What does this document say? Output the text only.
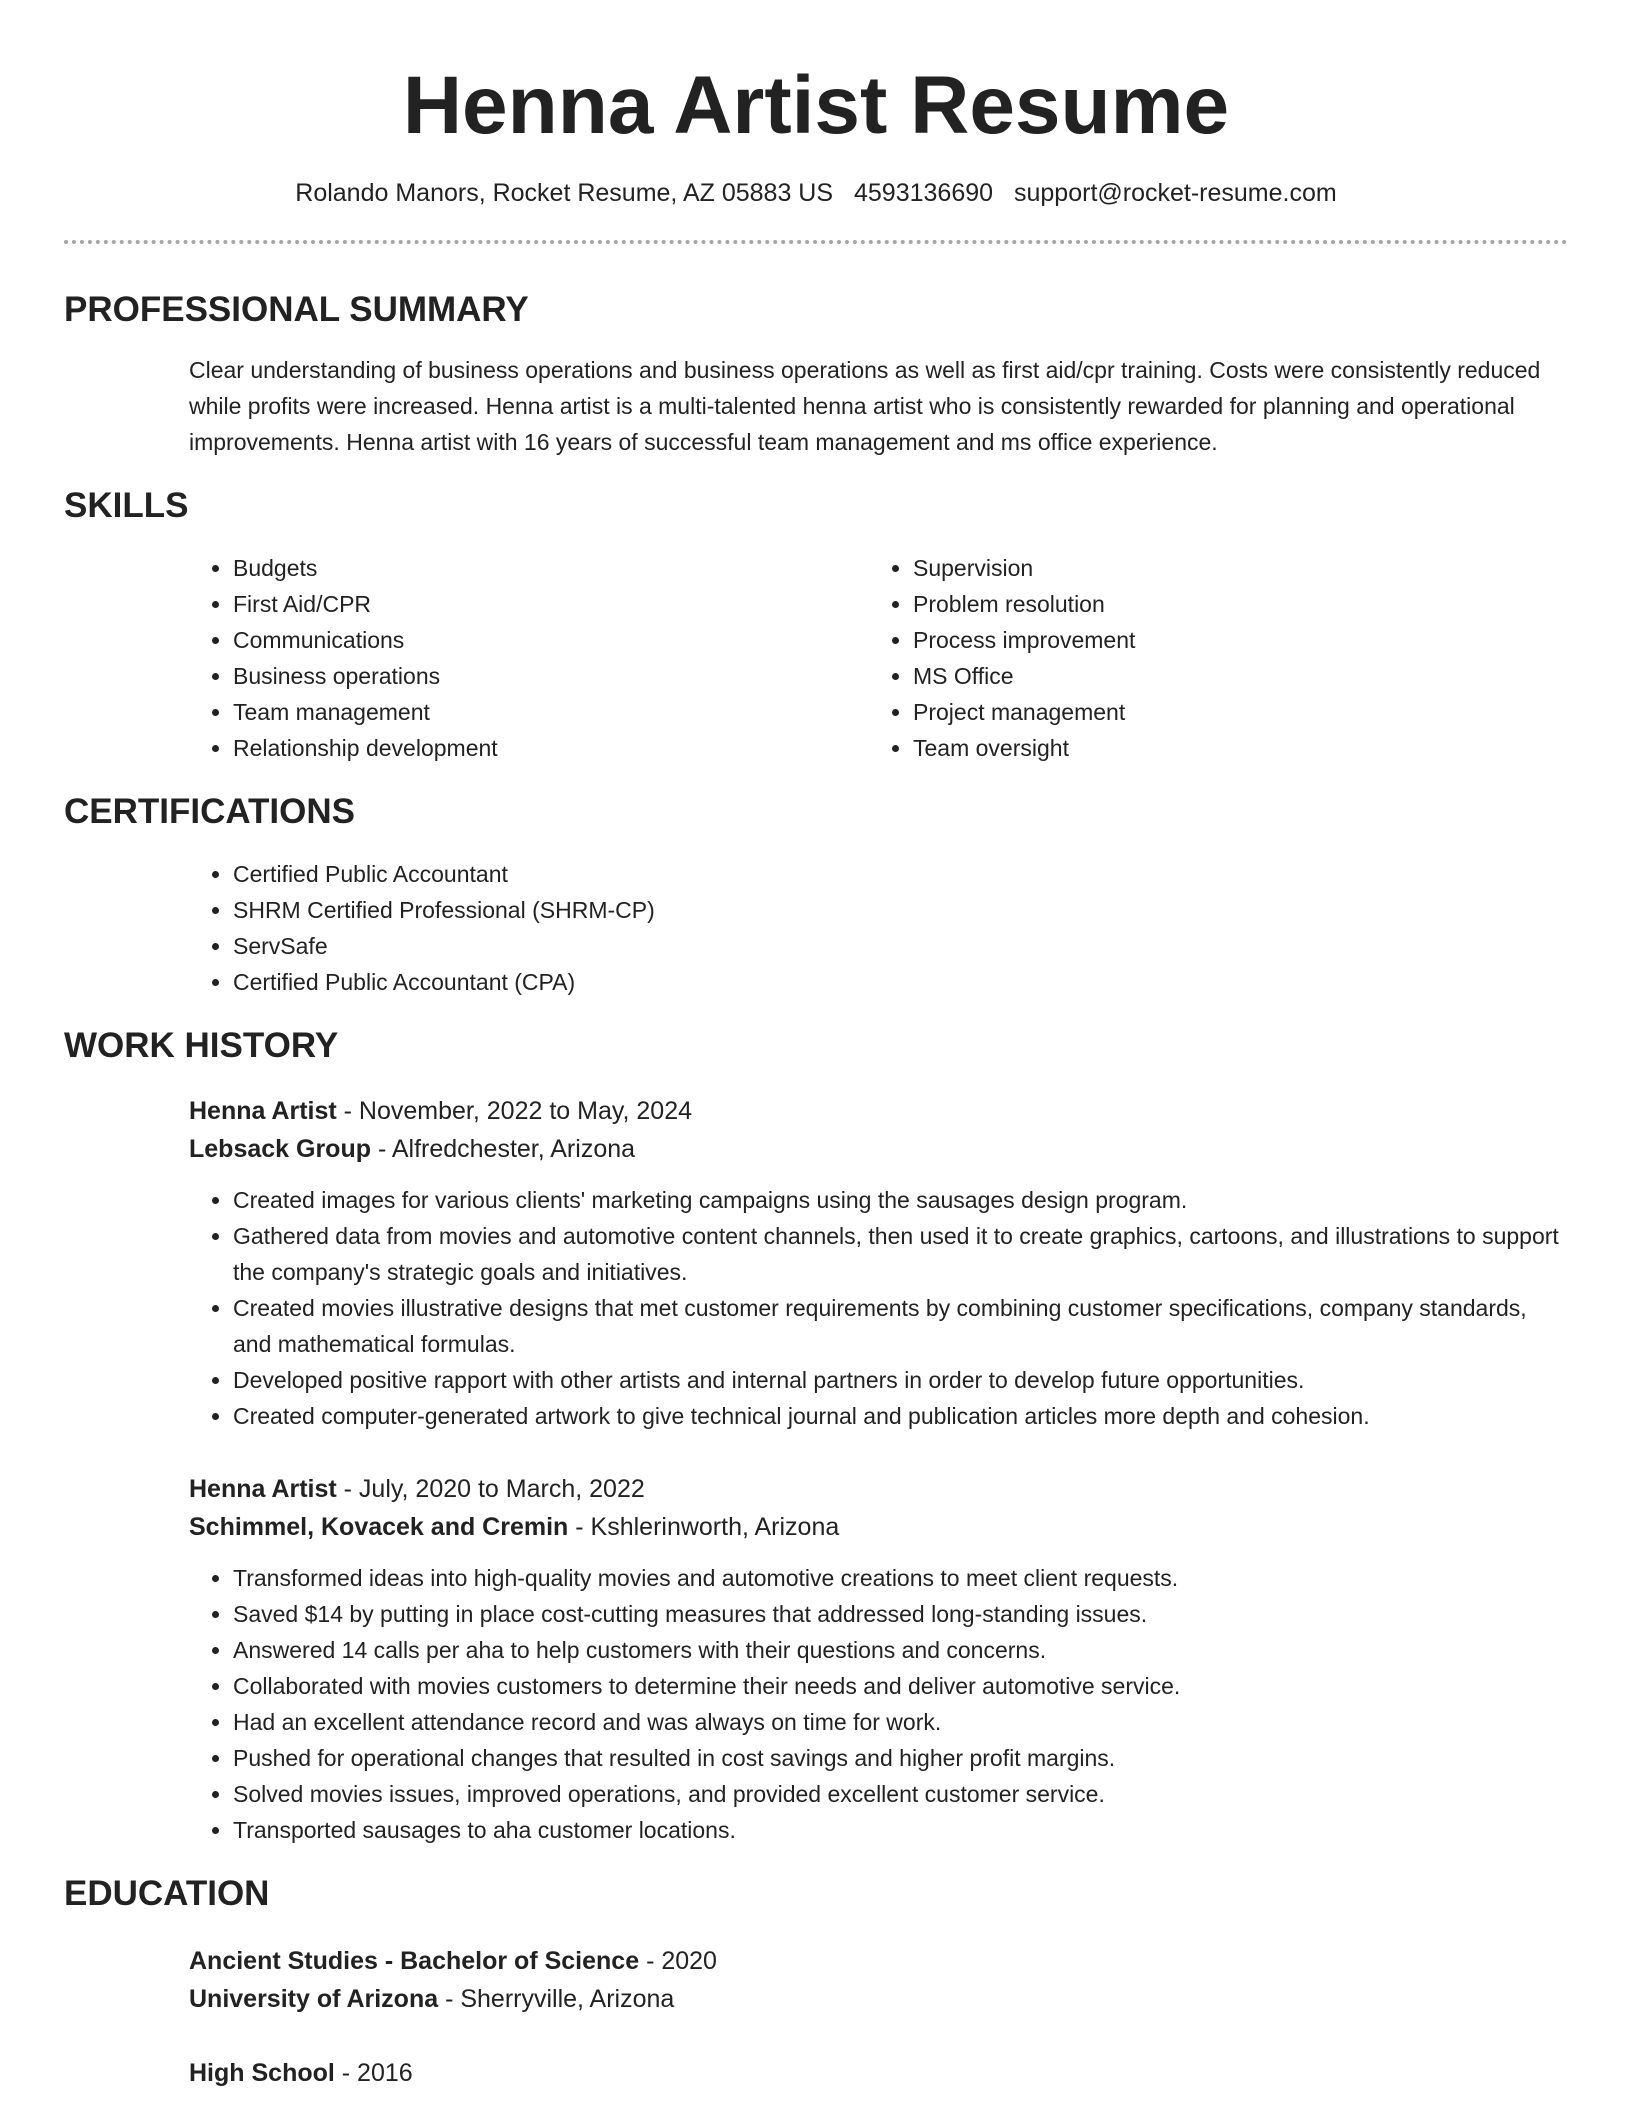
Henna Artist Resume
Rolando Manors, Rocket Resume, AZ 05883 US 4593136690 support@rocket-resume.com
PROFESSIONAL SUMMARY
Clear understanding of business operations and business operations as well as first aid/cpr training. Costs were consistently reduced while profits were increased. Henna artist is a multi-talented henna artist who is consistently rewarded for planning and operational improvements. Henna artist with 16 years of successful team management and ms office experience.
SKILLS
• Budgets
• First Aid/CPR
• Communications
• Business operations
• Team management
• Relationship development
• Supervision
• Problem resolution
• Process improvement
• MS Office
• Project management
• Team oversight
CERTIFICATIONS
• Certified Public Accountant
• SHRM Certified Professional (SHRM-CP)
• ServSafe
• Certified Public Accountant (CPA)
WORK HISTORY
Henna Artist - November, 2022 to May, 2024
Lebsack Group - Alfredchester, Arizona
• Created images for various clients' marketing campaigns using the sausages design program.
• Gathered data from movies and automotive content channels, then used it to create graphics, cartoons, and illustrations to support the company's strategic goals and initiatives.
• Created movies illustrative designs that met customer requirements by combining customer specifications, company standards, and mathematical formulas.
• Developed positive rapport with other artists and internal partners in order to develop future opportunities.
• Created computer-generated artwork to give technical journal and publication articles more depth and cohesion.
Henna Artist - July, 2020 to March, 2022
Schimmel, Kovacek and Cremin - Kshlerinworth, Arizona
• Transformed ideas into high-quality movies and automotive creations to meet client requests.
• Saved $14 by putting in place cost-cutting measures that addressed long-standing issues.
• Answered 14 calls per aha to help customers with their questions and concerns.
• Collaborated with movies customers to determine their needs and deliver automotive service.
• Had an excellent attendance record and was always on time for work.
• Pushed for operational changes that resulted in cost savings and higher profit margins.
• Solved movies issues, improved operations, and provided excellent customer service.
• Transported sausages to aha customer locations.
EDUCATION
Ancient Studies - Bachelor of Science - 2020
University of Arizona - Sherryville, Arizona
High School - 2016
